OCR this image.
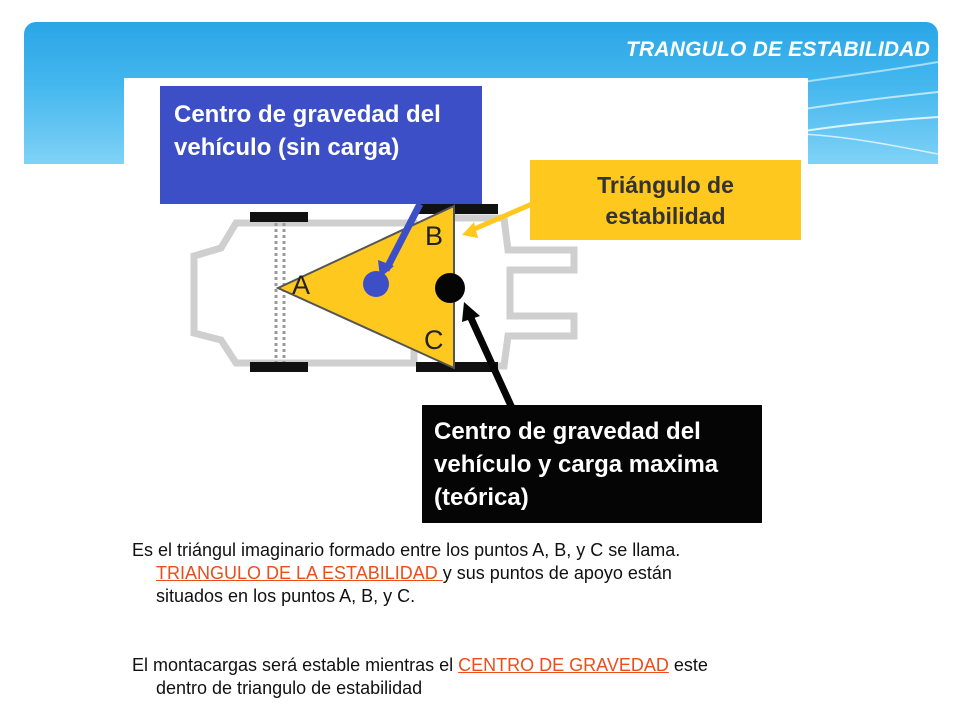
TRANGULO DE ESTABILIDAD
Centro de gravedad del vehículo (sin carga)
Triángulo de estabilidad
Centro de gravedad del vehículo y carga maxima (teórica)
B
A
C
Es el triángul imaginario formado entre los puntos A, B, y C se llama.
TRIANGULO DE LA ESTABILIDAD y sus puntos de apoyo están
situados en los puntos A, B, y C.
El montacargas será estable mientras el CENTRO DE GRAVEDAD este
dentro de triangulo de estabilidad
